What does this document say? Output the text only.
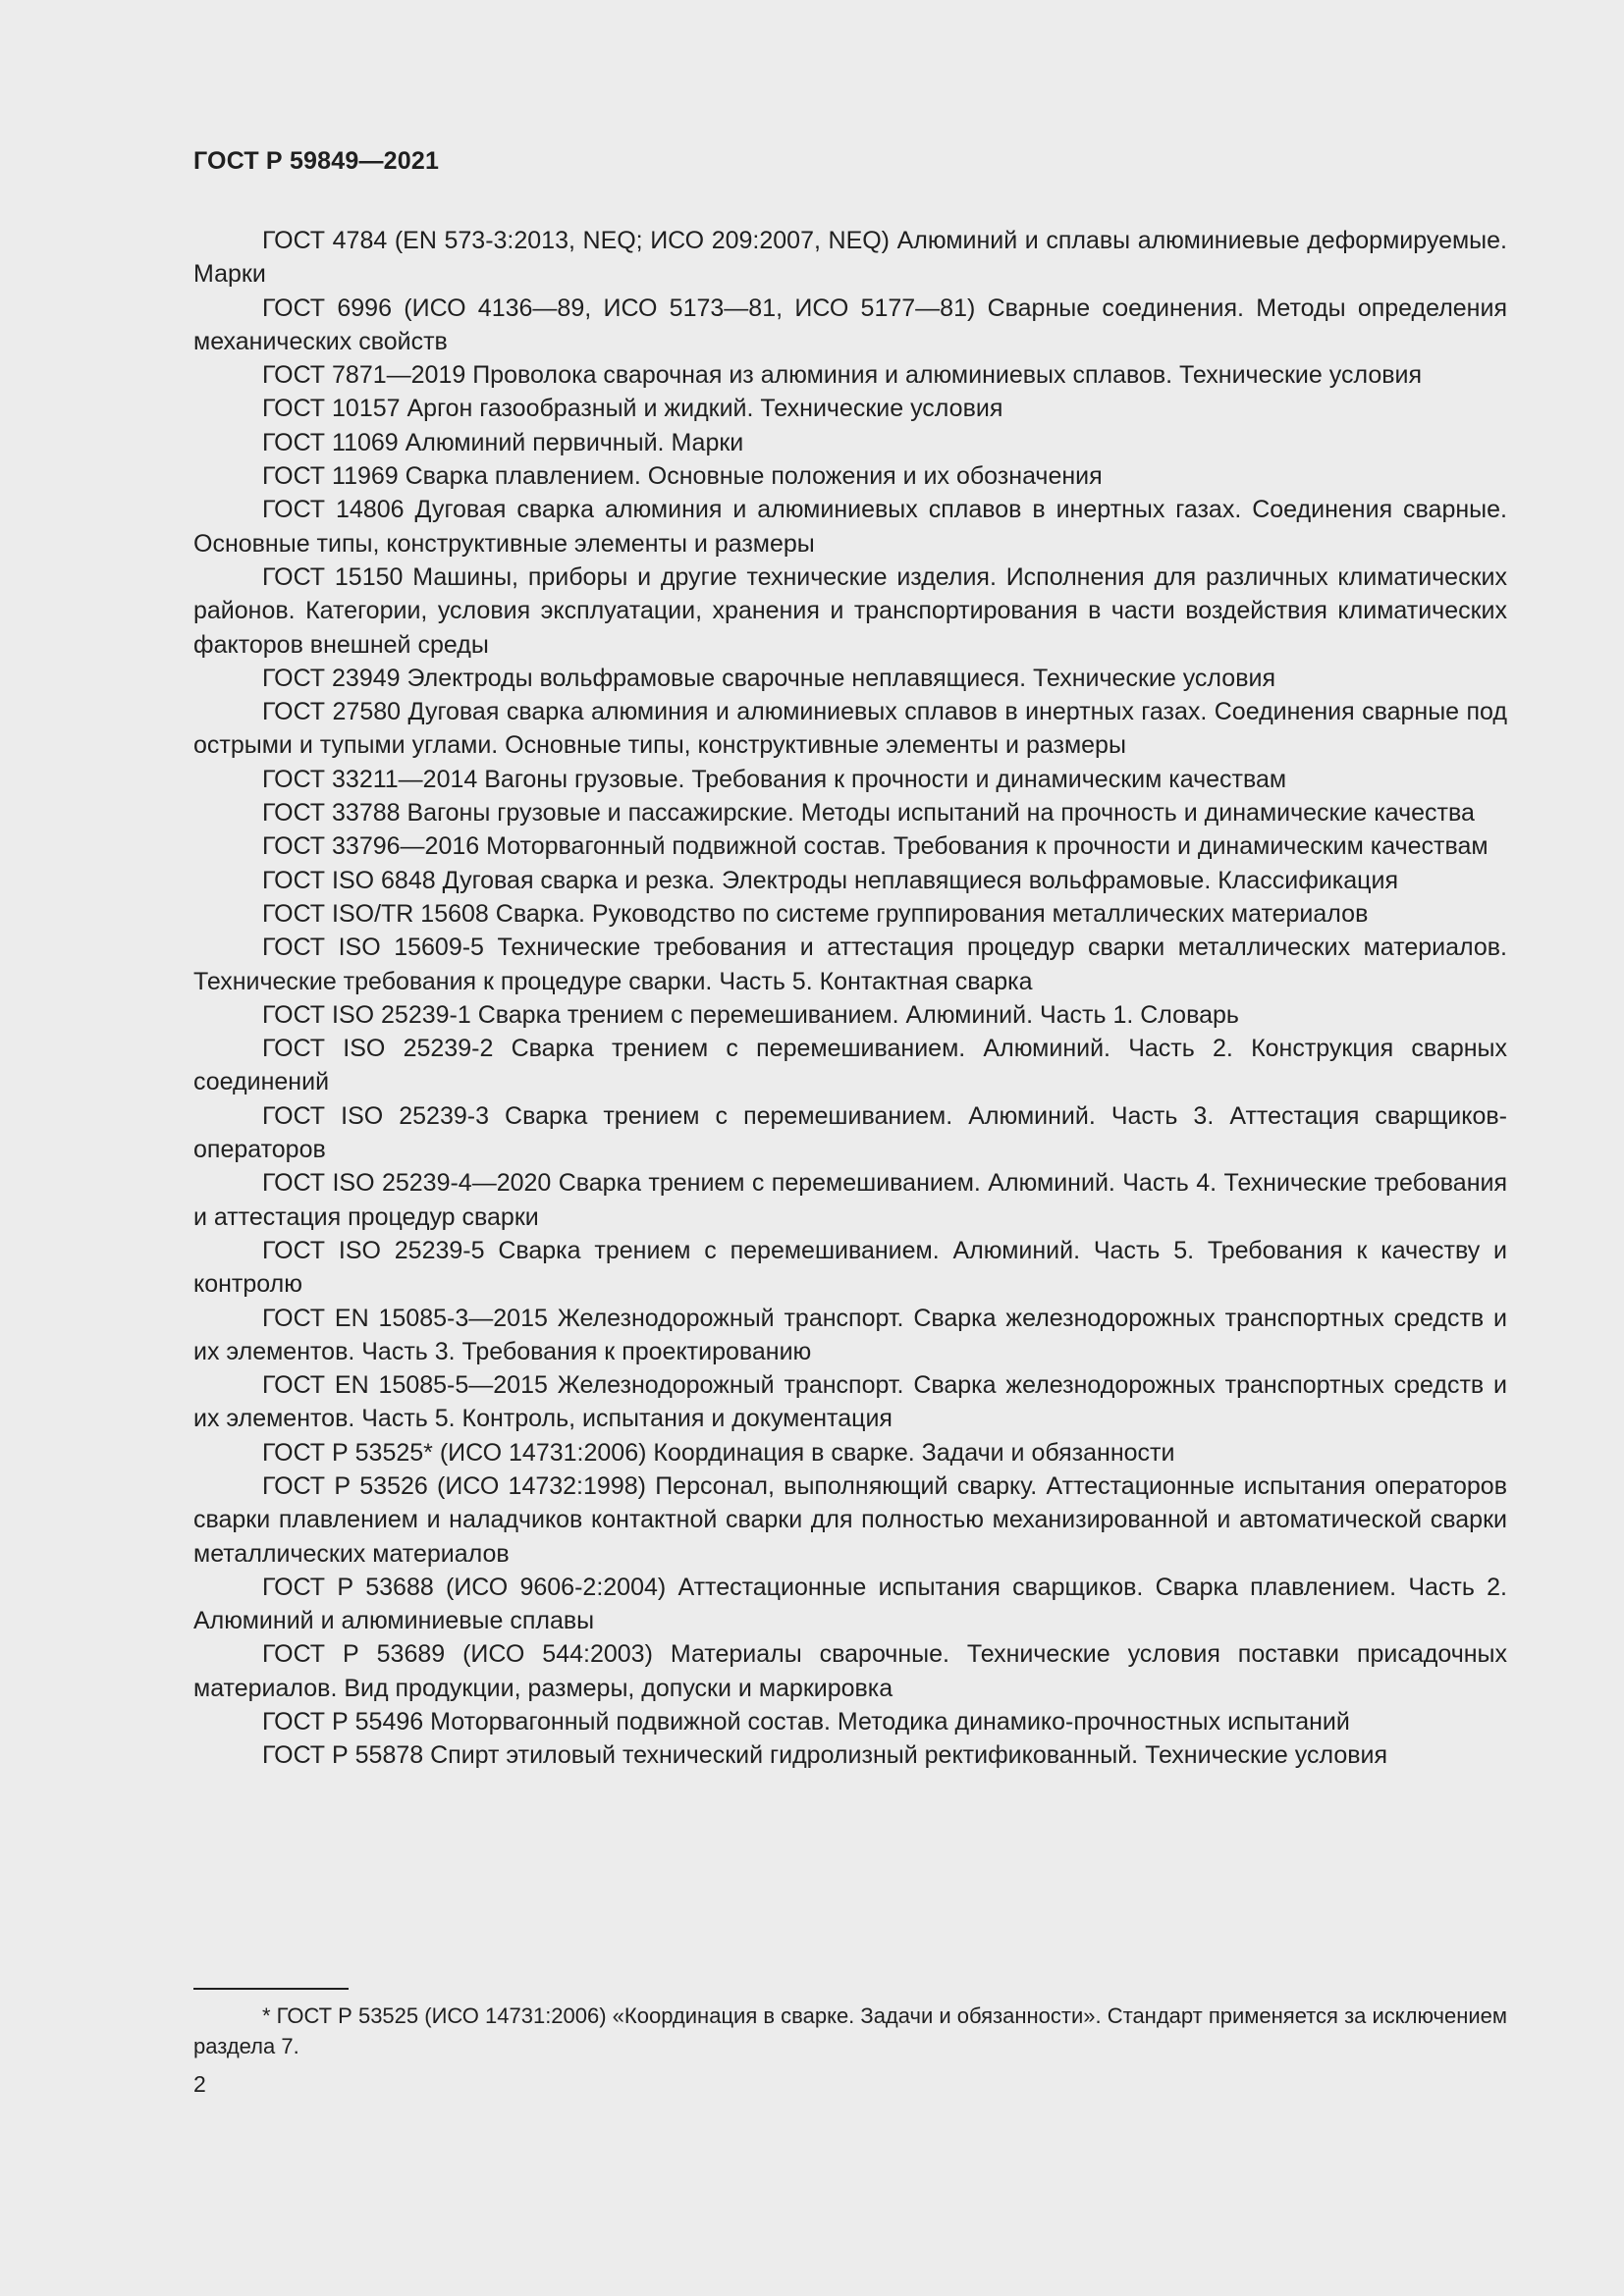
ГОСТ Р 59849—2021

ГОСТ 4784 (EN 573-3:2013, NEQ; ИСО 209:2007, NEQ) Алюминий и сплавы алюминиевые деформируемые. Марки

ГОСТ 6996 (ИСО 4136—89, ИСО 5173—81, ИСО 5177—81) Сварные соединения. Методы определения механических свойств

ГОСТ 7871—2019 Проволока сварочная из алюминия и алюминиевых сплавов. Технические условия

ГОСТ 10157 Аргон газообразный и жидкий. Технические условия

ГОСТ 11069 Алюминий первичный. Марки

ГОСТ 11969 Сварка плавлением. Основные положения и их обозначения

ГОСТ 14806 Дуговая сварка алюминия и алюминиевых сплавов в инертных газах. Соединения сварные. Основные типы, конструктивные элементы и размеры

ГОСТ 15150 Машины, приборы и другие технические изделия. Исполнения для различных климатических районов. Категории, условия эксплуатации, хранения и транспортирования в части воздействия климатических факторов внешней среды

ГОСТ 23949 Электроды вольфрамовые сварочные неплавящиеся. Технические условия

ГОСТ 27580 Дуговая сварка алюминия и алюминиевых сплавов в инертных газах. Соединения сварные под острыми и тупыми углами. Основные типы, конструктивные элементы и размеры

ГОСТ 33211—2014 Вагоны грузовые. Требования к прочности и динамическим качествам

ГОСТ 33788 Вагоны грузовые и пассажирские. Методы испытаний на прочность и динамические качества

ГОСТ 33796—2016 Моторвагонный подвижной состав. Требования к прочности и динамическим качествам

ГОСТ ISO 6848 Дуговая сварка и резка. Электроды неплавящиеся вольфрамовые. Классификация

ГОСТ ISO/TR 15608 Сварка. Руководство по системе группирования металлических материалов

ГОСТ ISO 15609-5 Технические требования и аттестация процедур сварки металлических материалов. Технические требования к процедуре сварки. Часть 5. Контактная сварка

ГОСТ ISO 25239-1 Сварка трением с перемешиванием. Алюминий. Часть 1. Словарь

ГОСТ ISO 25239-2 Сварка трением с перемешиванием. Алюминий. Часть 2. Конструкция сварных соединений

ГОСТ ISO 25239-3 Сварка трением с перемешиванием. Алюминий. Часть 3. Аттестация сварщиков-операторов

ГОСТ ISO 25239-4—2020 Сварка трением с перемешиванием. Алюминий. Часть 4. Технические требования и аттестация процедур сварки

ГОСТ ISO 25239-5 Сварка трением с перемешиванием. Алюминий. Часть 5. Требования к качеству и контролю

ГОСТ EN 15085-3—2015 Железнодорожный транспорт. Сварка железнодорожных транспортных средств и их элементов. Часть 3. Требования к проектированию

ГОСТ EN 15085-5—2015 Железнодорожный транспорт. Сварка железнодорожных транспортных средств и их элементов. Часть 5. Контроль, испытания и документация

ГОСТ Р 53525* (ИСО 14731:2006) Координация в сварке. Задачи и обязанности

ГОСТ Р 53526 (ИСО 14732:1998) Персонал, выполняющий сварку. Аттестационные испытания операторов сварки плавлением и наладчиков контактной сварки для полностью механизированной и автоматической сварки металлических материалов

ГОСТ Р 53688 (ИСО 9606-2:2004) Аттестационные испытания сварщиков. Сварка плавлением. Часть 2. Алюминий и алюминиевые сплавы

ГОСТ Р 53689 (ИСО 544:2003) Материалы сварочные. Технические условия поставки присадочных материалов. Вид продукции, размеры, допуски и маркировка

ГОСТ Р 55496 Моторвагонный подвижной состав. Методика динамико-прочностных испытаний

ГОСТ Р 55878 Спирт этиловый технический гидролизный ректификованный. Технические условия

* ГОСТ Р 53525 (ИСО 14731:2006) «Координация в сварке. Задачи и обязанности». Стандарт применяется за исключением раздела 7.

2
